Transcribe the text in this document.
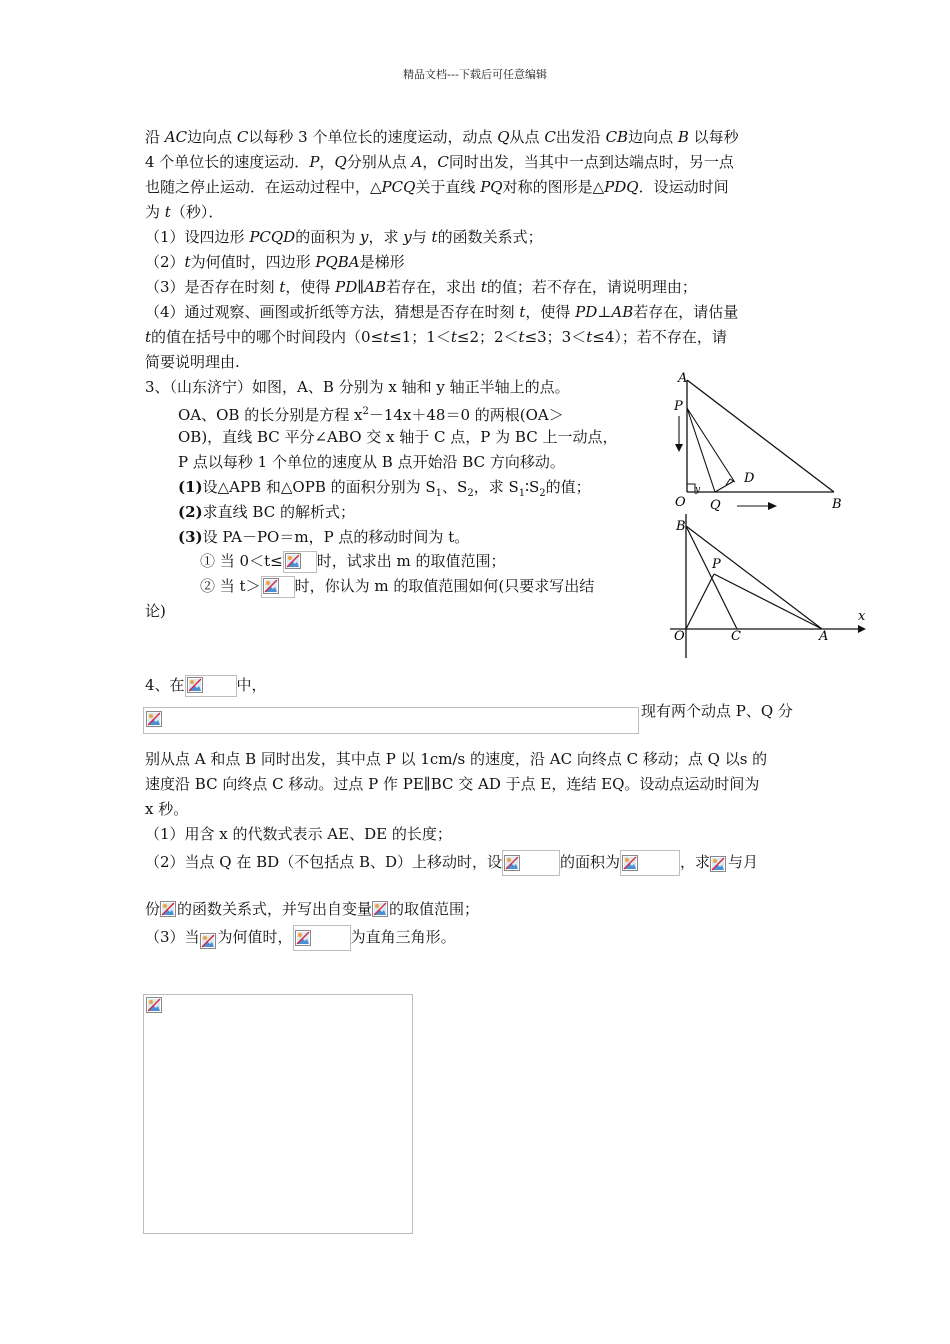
精品文档---下载后可任意编辑
沿 AC边向点 C以每秒 3 个单位长的速度运动，动点 Q从点 C出发沿 CB边向点 B 以每秒
4 个单位长的速度运动．P，Q分别从点 A，C同时出发，当其中一点到达端点时，另一点
也随之停止运动．在运动过程中，△PCQ关于直线 PQ对称的图形是△PDQ．设运动时间
为 t（秒）．
（1）设四边形 PCQD的面积为 y，求 y与 t的函数关系式；
（2）t为何值时，四边形 PQBA是梯形
（3）是否存在时刻 t，使得 PD∥AB若存在，求出 t的值；若不存在，请说明理由；
（4）通过观察、画图或折纸等方法，猜想是否存在时刻 t，使得 PD⊥AB若存在，请估量
t的值在括号中的哪个时间段内（0≤t≤1；1＜t≤2；2＜t≤3；3＜t≤4）；若不存在，请
简要说明理由.
3、（山东济宁）如图，A、B 分别为 x 轴和 y 轴正半轴上的点。
OA、OB 的长分别是方程 $x^2-14x+48=0$ 的两根(OA＞
OB)，直线 BC 平分∠ABO 交 x 轴于 C 点，P 为 BC 上一动点，
P 点以每秒 1 个单位的速度从 B 点开始沿 BC 方向移动。
(1)设△APB 和△OPB 的面积分别为 $S_1$、$S_2$，求 $S_1∶S_2$的值；
(2)求直线 BC 的解析式；
(3)设 PA－PO＝m，P 点的移动时间为 t。
① 当 0＜t≤ 时，试求出 m 的取值范围；
② 当 t＞ 时，你认为 m 的取值范围如何(只要求写出结
论)
A
P
D
O
y
Q	B
B
P
O	C	A
x
4、在	中，
现有两个动点 P、Q 分
别从点 A 和点 B 同时出发，其中点 P 以 1cm/s 的速度，沿 AC 向终点 C 移动；点 Q 以s 的
速度沿 BC 向终点 C 移动。过点 P 作 PE∥BC 交 AD 于点 E，连结 EQ。设动点运动时间为
x 秒。
（1）用含 x 的代数式表示 AE、DE 的长度；
（2）当点 Q 在 BD（不包括点 B、D）上移动时，设	的面积为	，求 与月
份 的函数关系式，并写出自变量 的取值范围；
（3）当 为何值时，	为直角三角形。
